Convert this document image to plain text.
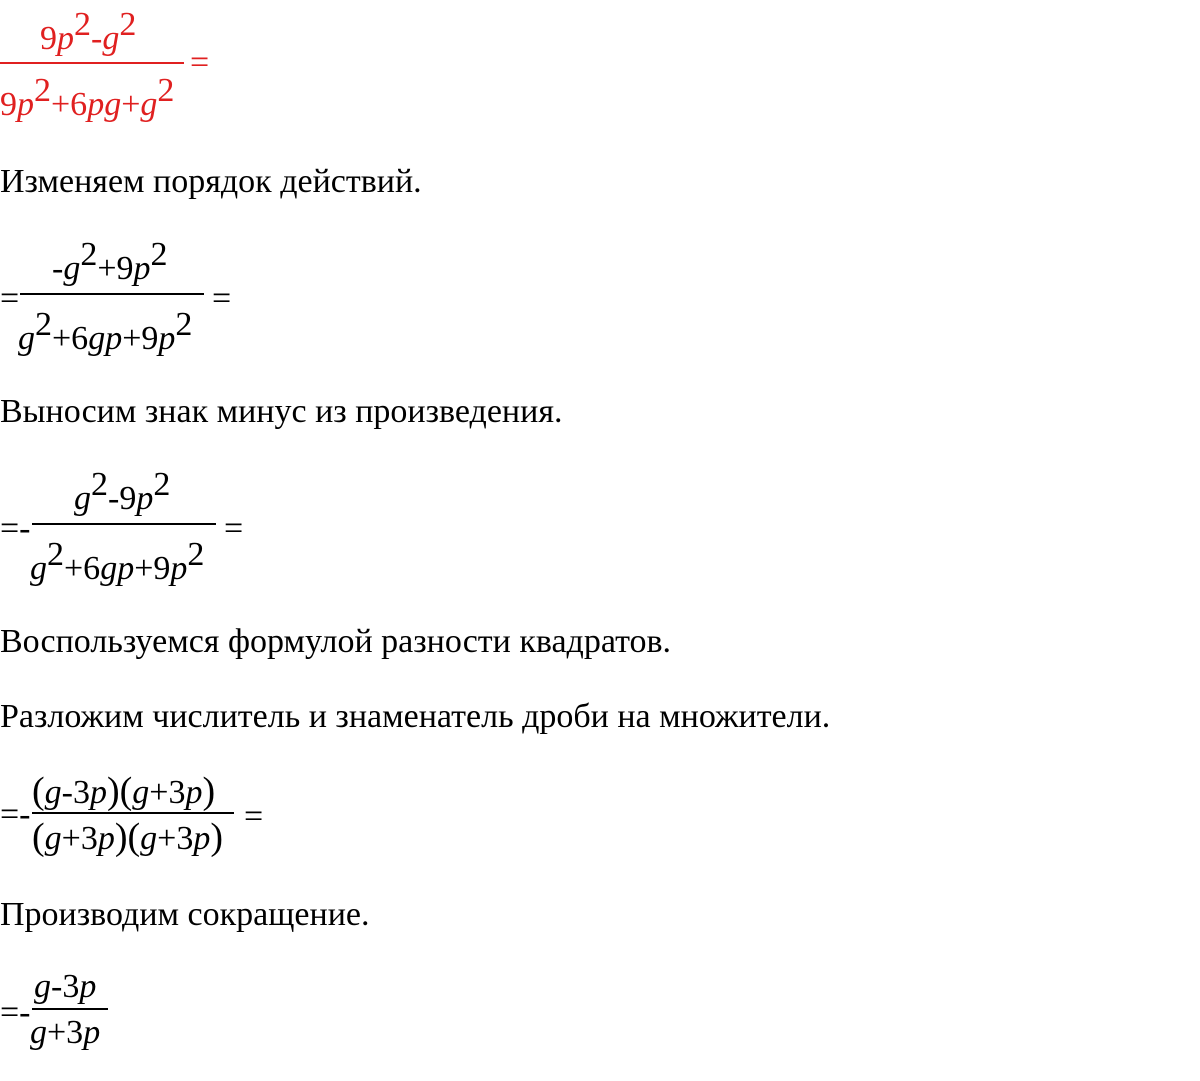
$9p^2-g^2$
=
$9p^2+6pg+g^2$
Изменяем порядок действий.
=
$-g^2+9p^2$
=
$g^2+6gp+9p^2$
Выносим знак минус из произведения.
=-
$g^2-9p^2$
=
$g^2+6gp+9p^2$
Воспользуемся формулой разности квадратов.
Разложим числитель и знаменатель дроби на множители.
=-
(g-3p)(g+3p)
=
(g+3p)(g+3p)
Производим сокращение.
=-
g-3p
g+3p
